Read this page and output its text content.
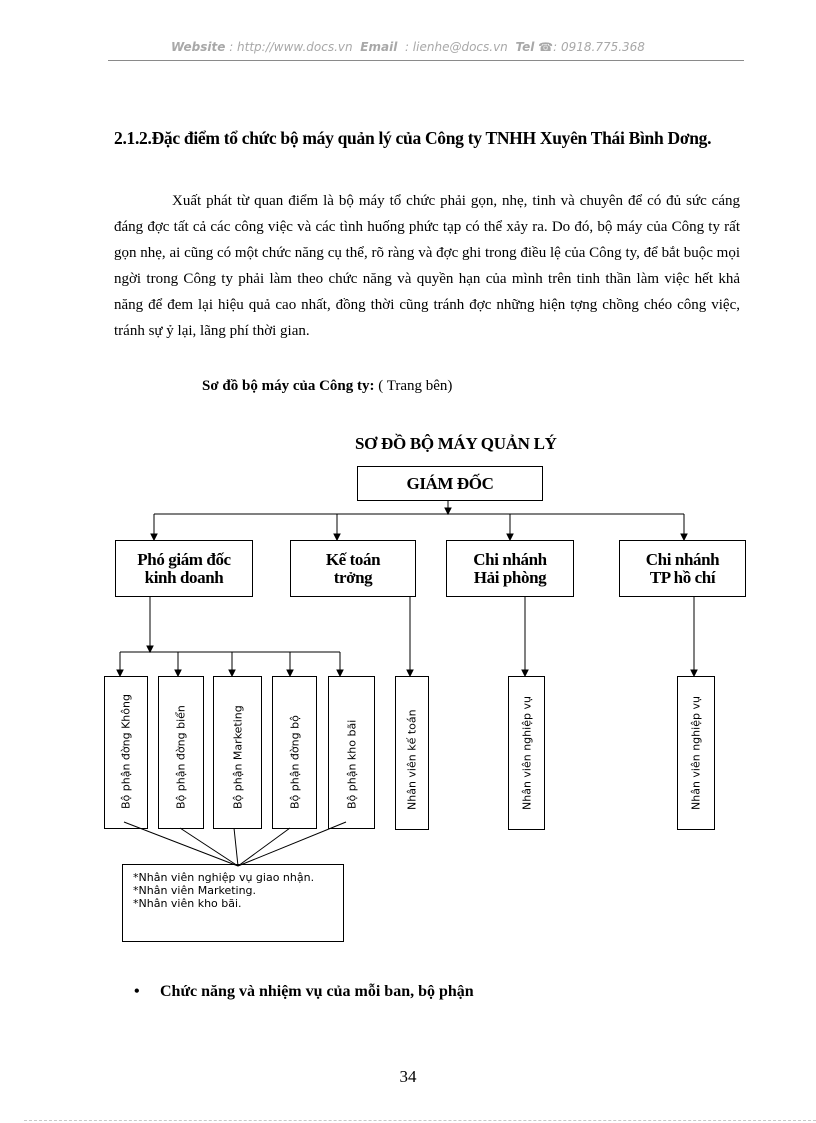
Website : http://www.docs.vn Email : lienhe@docs.vn Tel ☎: 0918.775.368
2.1.2.Đặc điểm tổ chức bộ máy quản lý của Công ty TNHH Xuyên Thái Bình Dơng.
Xuất phát từ quan điểm là bộ máy tổ chức phải gọn, nhẹ, tinh và chuyên để có đủ sức cáng đáng đợc tất cả các công việc và các tình huống phức tạp có thể xảy ra. Do đó, bộ máy của Công ty rất gọn nhẹ, ai cũng có một chức năng cụ thể, rõ ràng và đợc ghi trong điều lệ của Công ty, để bắt buộc mọi ngời trong Công ty phải làm theo chức năng và quyền hạn của mình trên tinh thần làm việc hết khả năng để đem lại hiệu quả cao nhất, đồng thời cũng tránh đợc những hiện tợng chồng chéo công việc, tránh sự ỷ lại, lãng phí thời gian.
Sơ đồ bộ máy của Công ty: ( Trang bên)
SƠ ĐỒ BỘ MÁY QUẢN LÝ
GIÁM ĐỐC
Phó giám đốc
kinh doanh
Kế toán
trởng
Chi nhánh
Hải phòng
Chi nhánh
TP hồ chí
Bộ phận đờng Không	Bộ phận đờng biển	Bộ phận Marketing	Bộ phận đờng bộ	Bộ phận kho bãi	Nhân viên kế toán	Nhân viên nghiệp vụ	Nhân viên nghiệp vụ
*Nhân viên nghiệp vụ giao nhận.
*Nhân viên Marketing.
*Nhân viên kho bãi.
• Chức năng và nhiệm vụ của mỗi ban, bộ phận
34
